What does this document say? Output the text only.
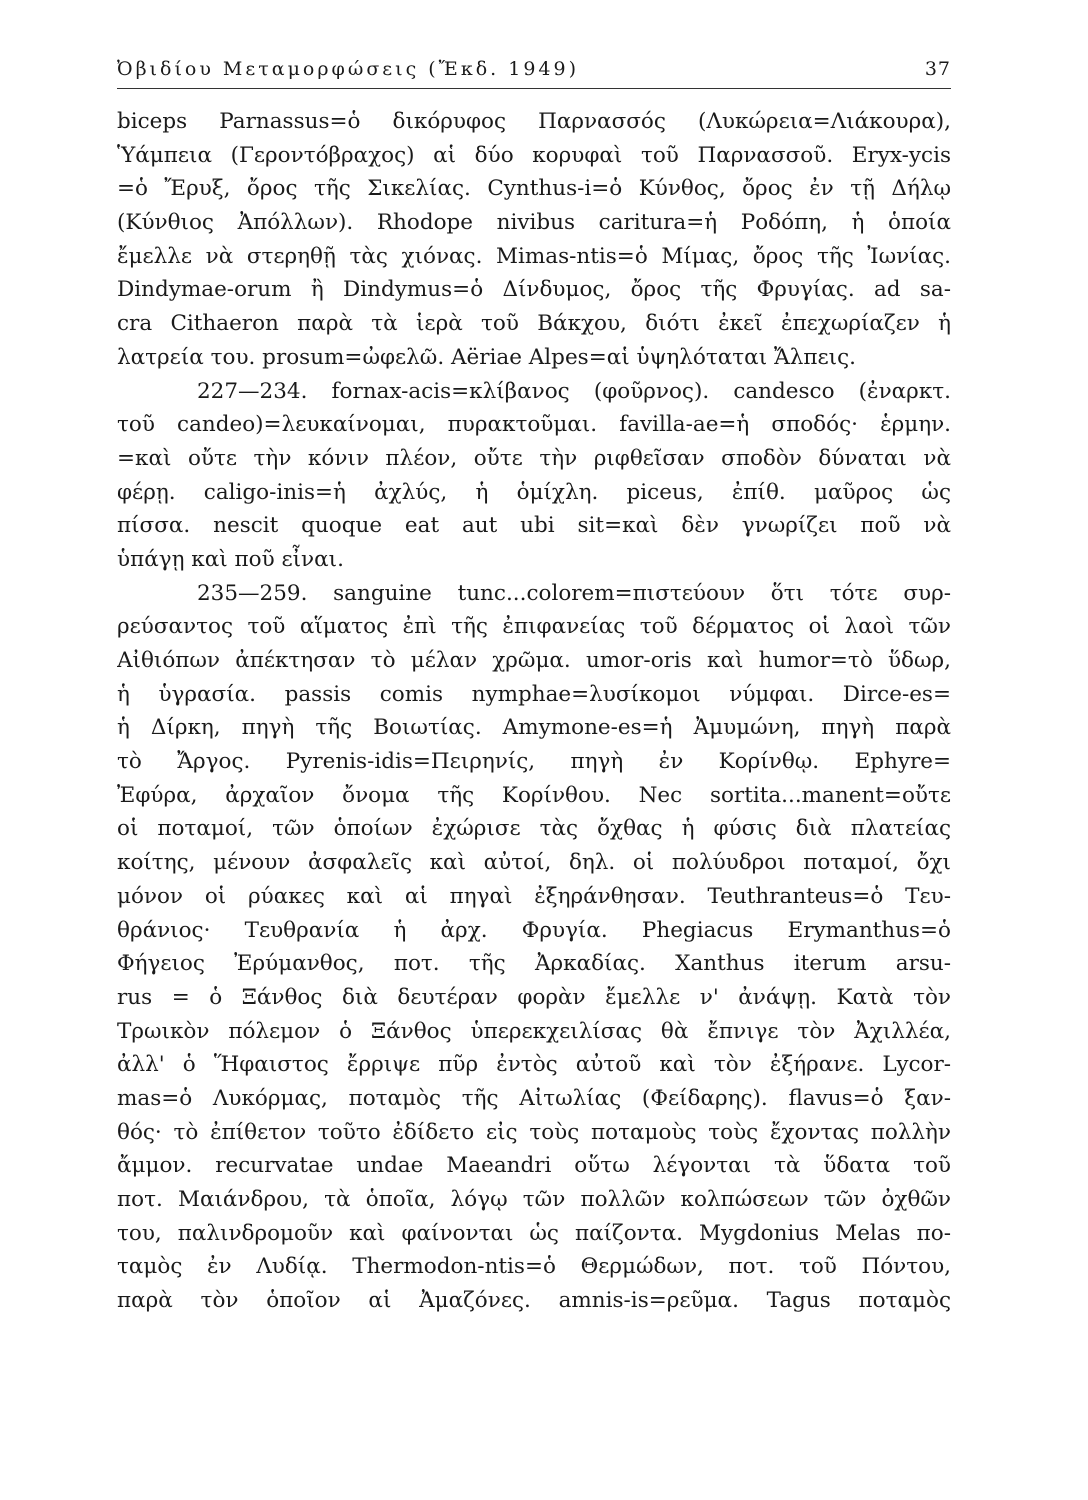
Ὀβιδίου Μεταμορφώσεις (Ἔκδ. 1949)	37
biceps Parnassus=ὁ δικόρυφος Παρνασσός (Λυκώρεια=Λιάκουρα),
Ὑάμπεια (Γεροντόβραχος) αἱ δύο κορυφαὶ τοῦ Παρνασσοῦ. Eryx-ycis
=ὁ Ἔρυξ, ὄρος τῆς Σικελίας. Cynthus-i=ὁ Κύνθος, ὄρος ἐν τῇ Δήλῳ
(Κύνθιος Ἀπόλλων). Rhodope nivibus caritura=ἡ Ροδόπη, ἡ ὁποία
ἔμελλε νὰ στερηθῇ τὰς χιόνας. Mimas-ntis=ὁ Μίμας, ὄρος τῆς Ἰωνίας.
Dindymae-orum ἢ Dindymus=ὁ Δίνδυμος, ὄρος τῆς Φρυγίας. ad sa-
cra Cithaeron παρὰ τὰ ἱερὰ τοῦ Βάκχου, διότι ἐκεῖ ἐπεχωρίαζεν ἡ
λατρεία του. prosum=ὠφελῶ. Aëriae Alpes=αἱ ὑψηλόταται Ἄλπεις.
227—234. fornax-acis=κλίβανος (φοῦρνος). candesco (ἐναρκτ.
τοῦ candeo)=λευκαίνομαι, πυρακτοῦμαι. favilla-ae=ἡ σποδός· ἑρμην.
=καὶ οὔτε τὴν κόνιν πλέον, οὔτε τὴν ριφθεῖσαν σποδὸν δύναται νὰ
φέρῃ. caligo-inis=ἡ ἀχλύς, ἡ ὁμίχλη. piceus, ἐπίθ. μαῦρος ὡς
πίσσα. nescit quoque eat aut ubi sit=καὶ δὲν γνωρίζει ποῦ νὰ
ὑπάγῃ καὶ ποῦ εἶναι.
235—259. sanguine tunc...colorem=πιστεύουν ὅτι τότε συρ-
ρεύσαντος τοῦ αἵματος ἐπὶ τῆς ἐπιφανείας τοῦ δέρματος οἱ λαοὶ τῶν
Αἰθιόπων ἀπέκτησαν τὸ μέλαν χρῶμα. umor-oris καὶ humor=τὸ ὕδωρ,
ἡ ὑγρασία. passis comis nymphae=λυσίκομοι νύμφαι. Dirce-es=
ἡ Δίρκη, πηγὴ τῆς Βοιωτίας. Amymone-es=ἡ Ἀμυμώνη, πηγὴ παρὰ
τὸ Ἄργος. Pyrenis-idis=Πειρηνίς, πηγὴ ἐν Κορίνθῳ. Ephyre=
Ἐφύρα, ἀρχαῖον ὄνομα τῆς Κορίνθου. Nec sortita...manent=οὔτε
οἱ ποταμοί, τῶν ὁποίων ἐχώρισε τὰς ὄχθας ἡ φύσις διὰ πλατείας
κοίτης, μένουν ἀσφαλεῖς καὶ αὐτοί, δηλ. οἱ πολύυδροι ποταμοί, ὄχι
μόνον οἱ ρύακες καὶ αἱ πηγαὶ ἐξηράνθησαν. Teuthranteus=ὁ Τευ-
θράνιος· Τευθρανία ἡ ἀρχ. Φρυγία. Phegiacus Erymanthus=ὁ
Φήγειος Ἐρύμανθος, ποτ. τῆς Ἀρκαδίας. Xanthus iterum arsu-
rus = ὁ Ξάνθος διὰ δευτέραν φορὰν ἔμελλε ν' ἀνάψῃ. Κατὰ τὸν
Τρωικὸν πόλεμον ὁ Ξάνθος ὑπερεκχειλίσας θὰ ἔπνιγε τὸν Ἀχιλλέα,
ἀλλ' ὁ Ἥφαιστος ἔρριψε πῦρ ἐντὸς αὐτοῦ καὶ τὸν ἐξήρανε. Lycor-
mas=ὁ Λυκόρμας, ποταμὸς τῆς Αἰτωλίας (Φείδαρης). flavus=ὁ ξαν-
θός· τὸ ἐπίθετον τοῦτο ἐδίδετο εἰς τοὺς ποταμοὺς τοὺς ἔχοντας πολλὴν
ἄμμον. recurvatae undae Maeandri οὕτω λέγονται τὰ ὕδατα τοῦ
ποτ. Μαιάνδρου, τὰ ὁποῖα, λόγῳ τῶν πολλῶν κολπώσεων τῶν ὀχθῶν
του, παλινδρομοῦν καὶ φαίνονται ὡς παίζοντα. Mygdonius Melas πο-
ταμὸς ἐν Λυδίᾳ. Thermodon-ntis=ὁ Θερμώδων, ποτ. τοῦ Πόντου,
παρὰ τὸν ὁποῖον αἱ Ἀμαζόνες. amnis-is=ρεῦμα. Tagus ποταμὸς
